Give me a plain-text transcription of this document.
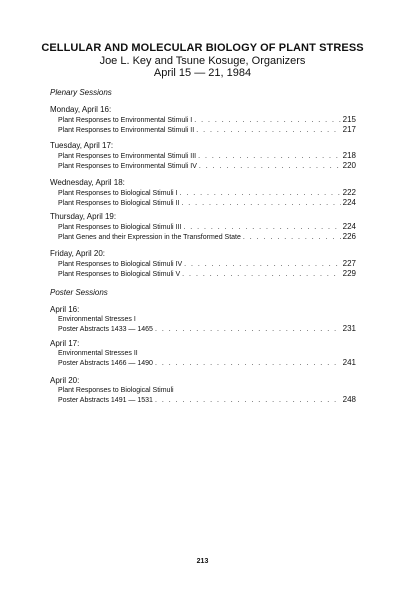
CELLULAR AND MOLECULAR BIOLOGY OF PLANT STRESS
Joe L. Key and Tsune Kosuge, Organizers
April 15 — 21, 1984
Plenary Sessions
Monday, April 16:
Plant Responses to Environmental Stimuli I . . .	215
Plant Responses to Environmental Stimuli II . . .	217
Tuesday, April 17:
Plant Responses to Environmental Stimuli III . . .	218
Plant Responses to Environmental Stimuli IV . . .	220
Wednesday, April 18:
Plant Responses to Biological Stimuli I . . .	222
Plant Responses to Biological Stimuli II . . .	224
Thursday, April 19:
Plant Responses to Biological Stimuli III . . .	224
Plant Genes and their Expression in the Transformed State . . .	226
Friday, April 20:
Plant Responses to Biological Stimuli IV . . .	227
Plant Responses to Biological Stimuli V . . .	229
Poster Sessions
April 16:
Environmental Stresses I
Poster Abstracts 1433 — 1465 . . .	231
April 17:
Environmental Stresses II
Poster Abstracts 1466 — 1490 . . .	241
April 20:
Plant Responses to Biological Stimuli
Poster Abstracts 1491 — 1531 . . .	248
213
